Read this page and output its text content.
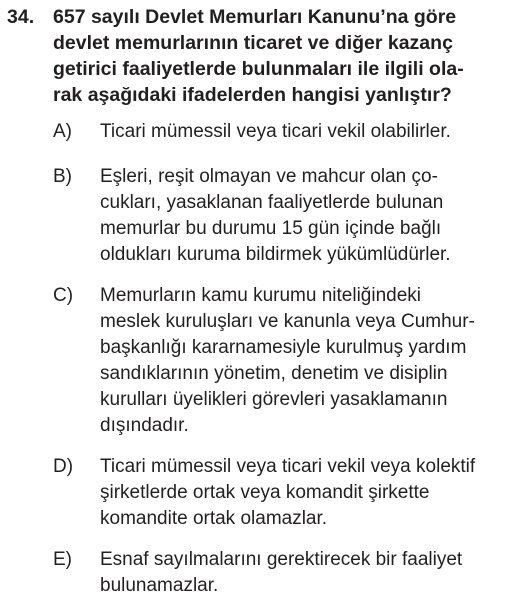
34. 657 sayılı Devlet Memurları Kanunu’na göre
devlet memurlarının ticaret ve diğer kazanç
getirici faaliyetlerde bulunmaları ile ilgili ola-
rak aşağıdaki ifadelerden hangisi yanlıştır?
A) Ticari mümessil veya ticari vekil olabilirler.
B) Eşleri, reşit olmayan ve mahcur olan ço-
cukları, yasaklanan faaliyetlerde bulunan
memurlar bu durumu 15 gün içinde bağlı
oldukları kuruma bildirmek yükümlüdürler.
C) Memurların kamu kurumu niteliğindeki
meslek kuruluşları ve kanunla veya Cumhur-
başkanlığı kararnamesiyle kurulmuş yardım
sandıklarının yönetim, denetim ve disiplin
kurulları üyelikleri görevleri yasaklamanın
dışındadır.
D) Ticari mümessil veya ticari vekil veya kolektif
şirketlerde ortak veya komandit şirkette
komandite ortak olamazlar.
E) Esnaf sayılmalarını gerektirecek bir faaliyet
bulunamazlar.
